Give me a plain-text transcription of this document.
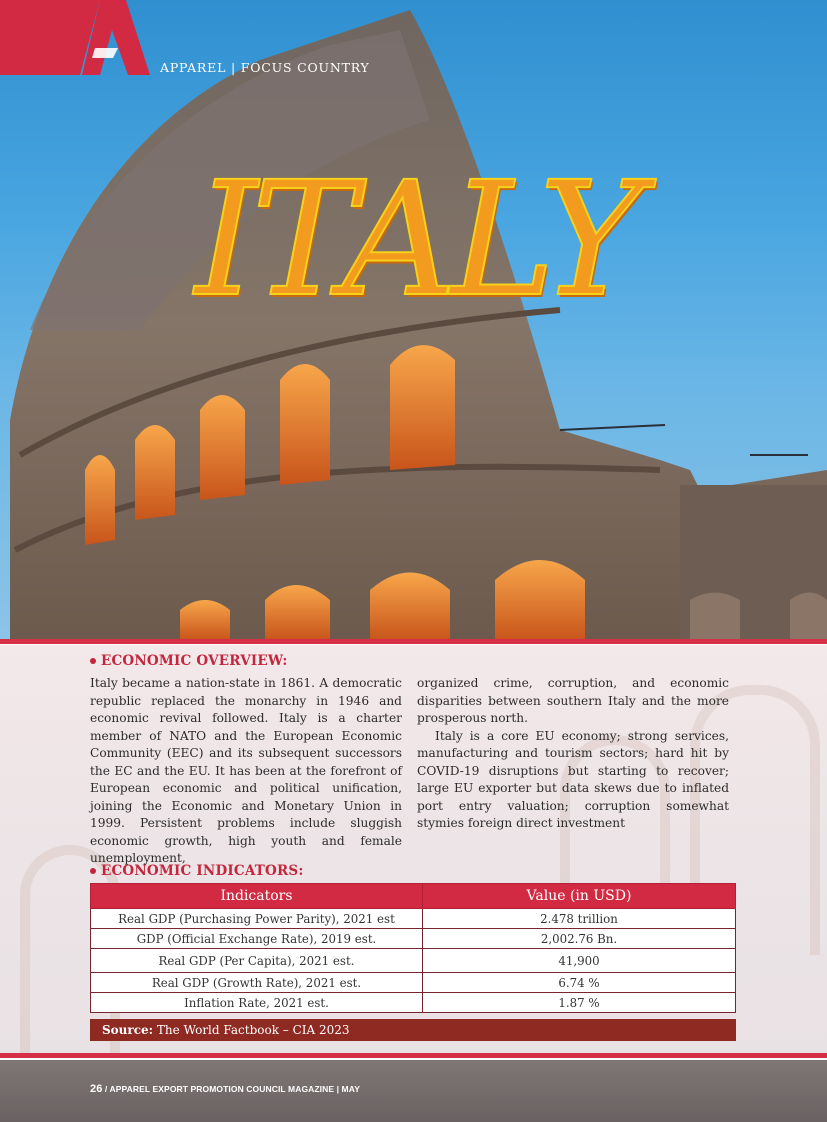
APPAREL | FOCUS COUNTRY
ITALY
ECONOMIC OVERVIEW:

Italy became a nation-state in 1861. A democratic republic replaced the monarchy in 1946 and economic revival followed. Italy is a charter member of NATO and the European Economic Community (EEC) and its subsequent successors the EC and the EU. It has been at the forefront of European economic and political unification, joining the Economic and Monetary Union in 1999. Persistent problems include sluggish economic growth, high youth and female unemployment,

organized crime, corruption, and economic disparities between southern Italy and the more prosperous north.

Italy is a core EU economy; strong services, manufacturing and tourism sectors; hard hit by COVID-19 disruptions but starting to recover; large EU exporter but data skews due to inflated port entry valuation; corruption somewhat stymies foreign direct investment

ECONOMIC INDICATORS:
Indicators	Value (in USD)
Real GDP (Purchasing Power Parity), 2021 est	2.478 trillion
GDP (Official Exchange Rate), 2019 est.	2,002.76 Bn.
Real GDP (Per Capita), 2021 est.	41,900
Real GDP (Growth Rate), 2021 est.	6.74 %
Inflation Rate, 2021 est.	1.87 %
Source: The World Factbook – CIA 2023
26 / APPAREL EXPORT PROMOTION COUNCIL MAGAZINE | MAY
